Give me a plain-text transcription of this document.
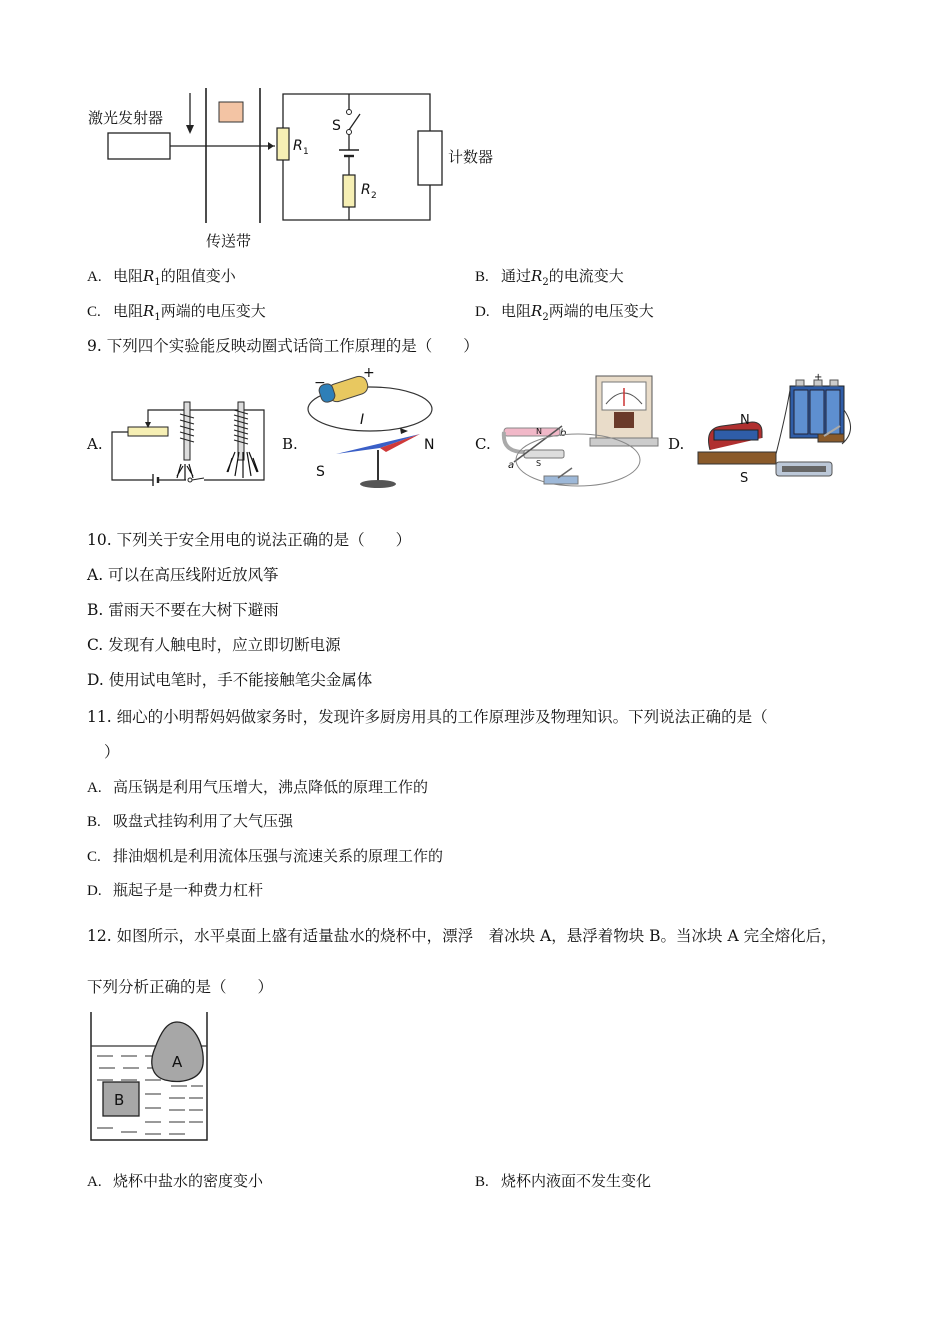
激光发射器
传送带
R 1
S
R 2
计数器
A. 电阻$R_1$的阻值变小	B. 通过$R_2$的电流变大
C. 电阻$R_1$两端的电压变大	D. 电阻$R_2$两端的电压变大
9. 下列四个实验能反映动圈式话筒工作原理的是（　　）
A.	B.
−
+
I
N
S
C.
N
S
a
b
D.
+
N
S
10. 下列关于安全用电的说法正确的是（　　）
A. 可以在高压线附近放风筝
B. 雷雨天不要在大树下避雨
C. 发现有人触电时，应立即切断电源
D. 使用试电笔时，手不能接触笔尖金属体
11. 细心的小明帮妈妈做家务时，发现许多厨房用具的工作原理涉及物理知识。下列说法正确的是（
）
A. 高压锅是利用气压增大，沸点降低的原理工作的
B. 吸盘式挂钩利用了大气压强
C. 排油烟机是利用流体压强与流速关系的原理工作的
D. 瓶起子是一种费力杠杆
12. 如图所示，水平桌面上盛有适量盐水的烧杯中，漂浮　着冰块 A，悬浮着物块 B。当冰块 A 完全熔化后，
下列分析正确的是（　　）
A
B
A. 烧杯中盐水的密度变小	B. 烧杯内液面不发生变化
